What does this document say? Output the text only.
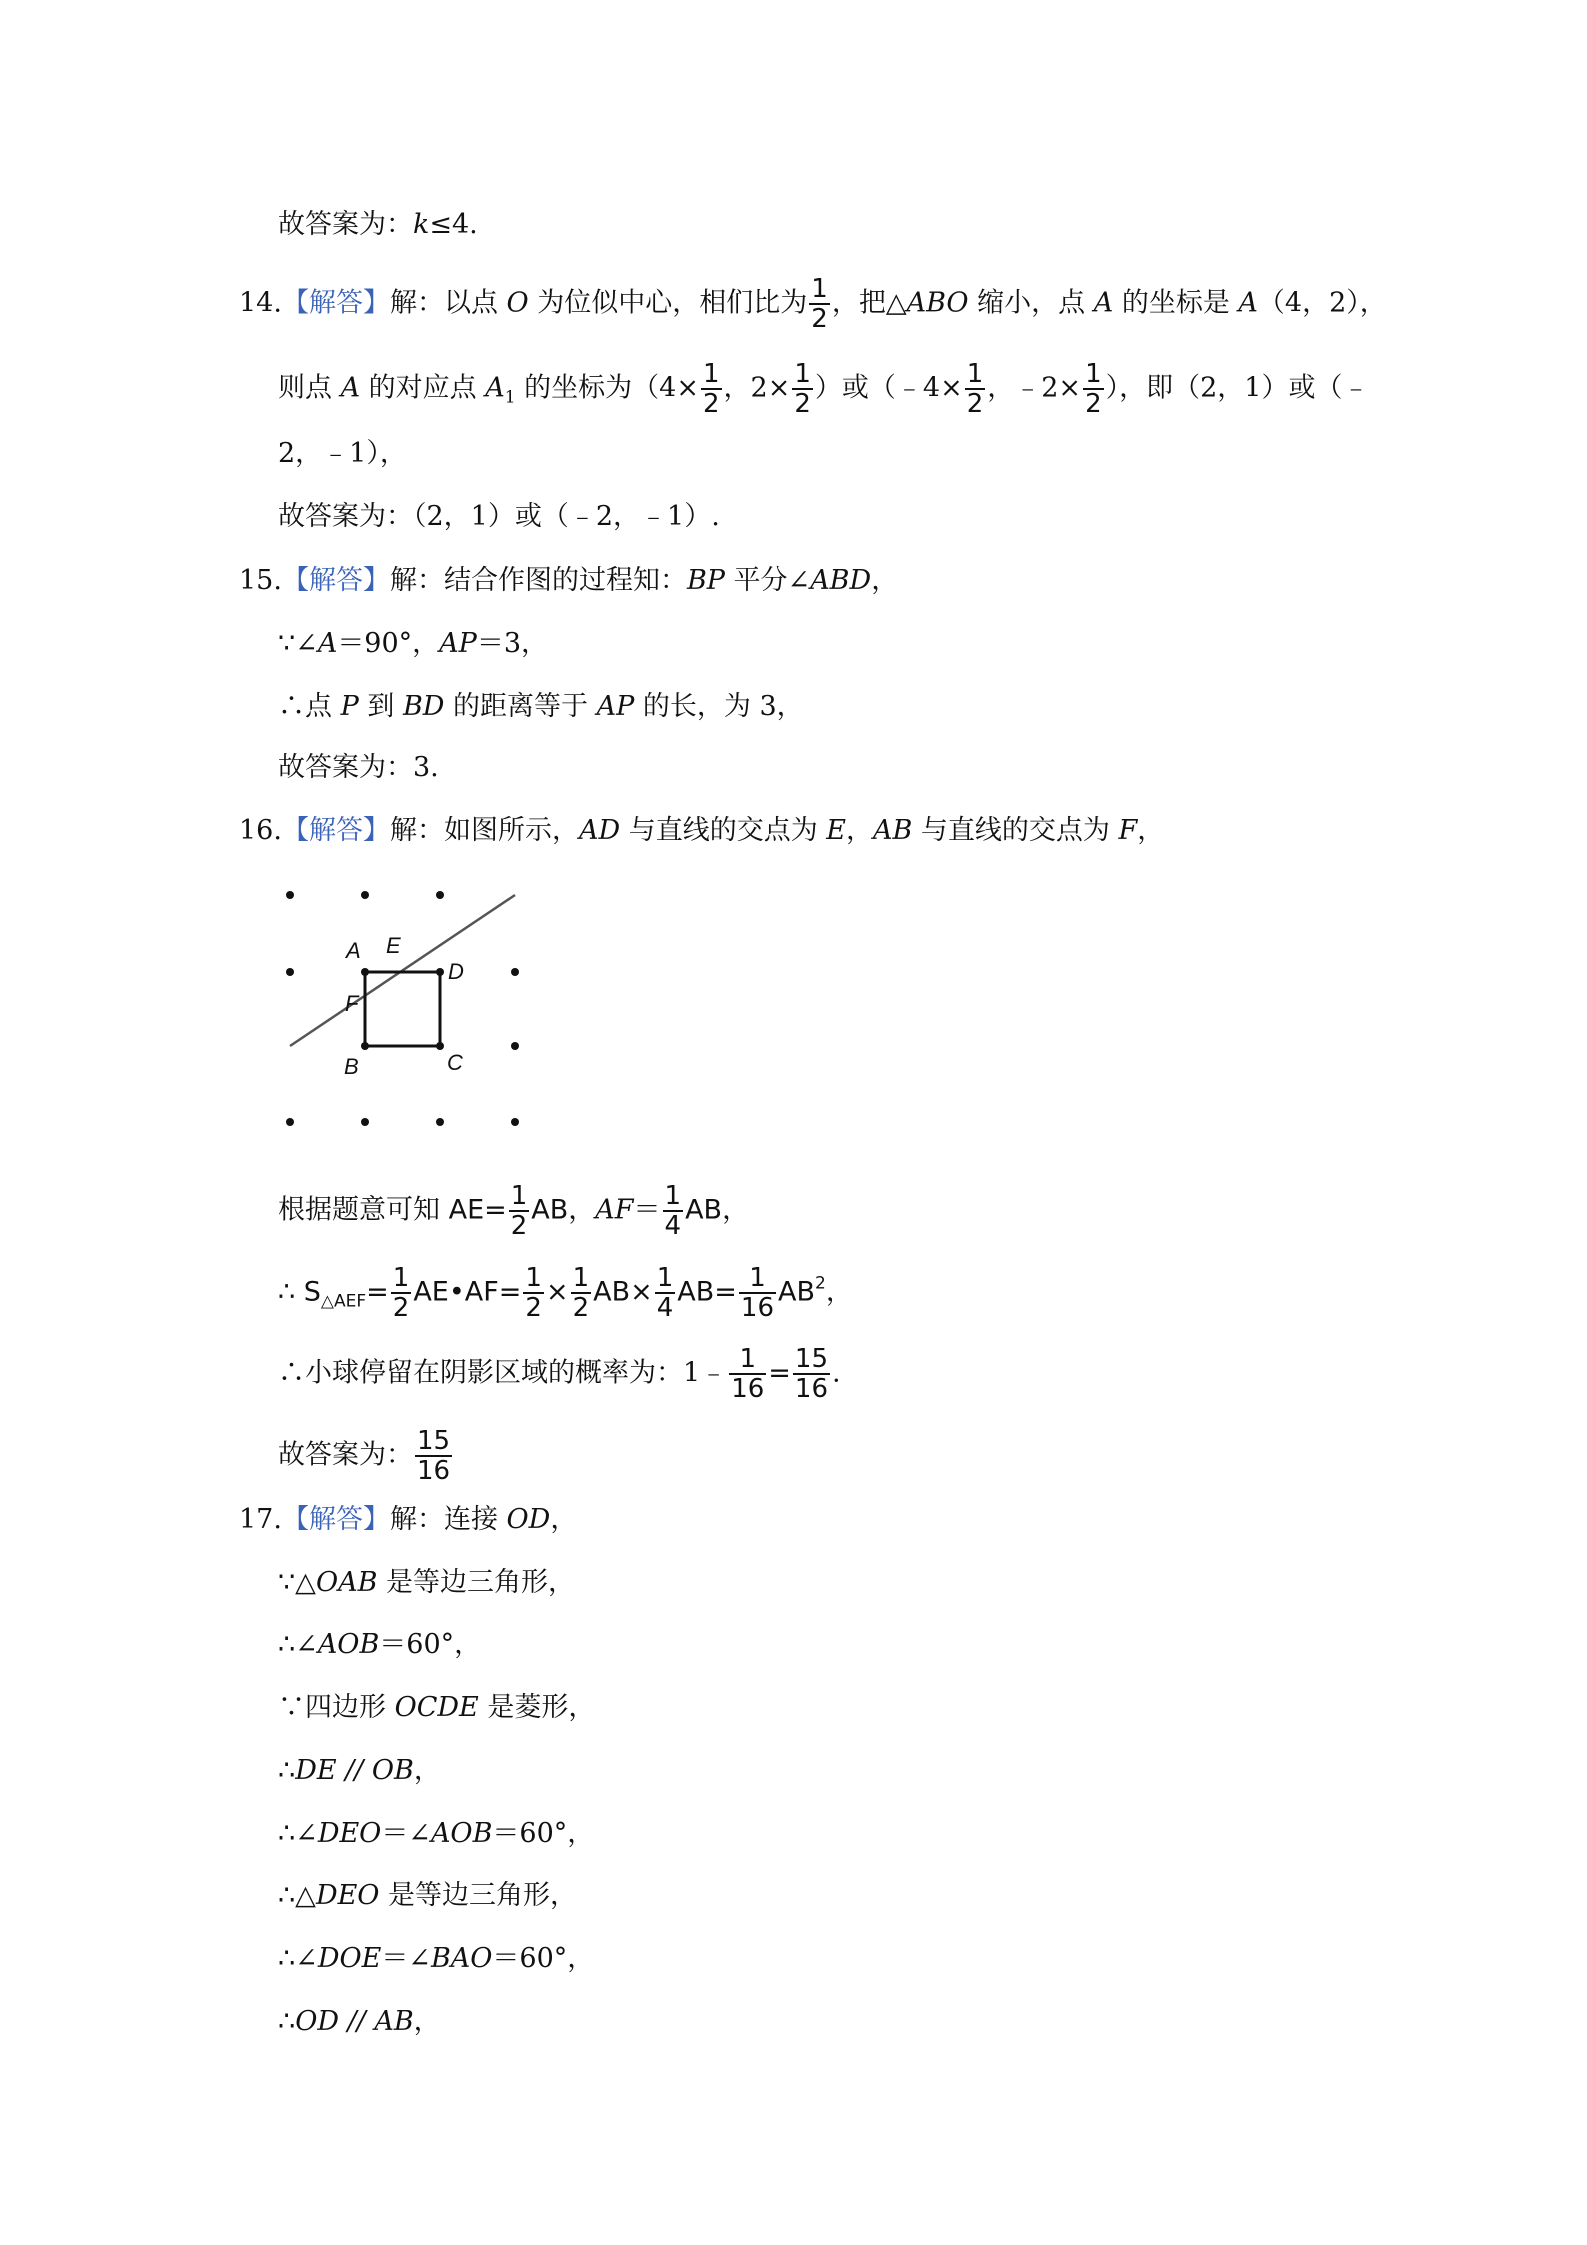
故答案为：k≤4.
14.【解答】解：以点 O 为位似中心，相们比为 $\frac{1}{2}$ ，把△ABO 缩小，点 A 的坐标是 A（4，2），
则点 A 的对应点 $A_1$ 的坐标为（$4\times \frac{1}{2}$ ，$2\times \frac{1}{2}$ ）或（﹣4× $\frac{1}{2}$ ，﹣2× $\frac{1}{2}$ ），即（2，1）或（﹣
2，﹣1），
故答案为：（2，1）或（﹣2，﹣1）.
15.【解答】解：结合作图的过程知：BP 平分∠ABD，
∵∠A＝90°，AP＝3，
∴点 P 到 BD 的距离等于 AP 的长，为 3，
故答案为：3.
16.【解答】解：如图所示，AD 与直线的交点为 E，AB 与直线的交点为 F，
A E
D
F
B	C
根据题意可知 $AE= \frac{1}{2}$ AB，$AF= \frac{1}{4}$ AB，
∴ $S_{\triangle AEF}= \frac{1}{2}$ AE•AF= $\frac{1}{2} \times \frac{1}{2} AB\times \frac{1}{4} AB= \frac{1}{16} AB^2$，
∴小球停留在阴影区域的概率为：1﹣ $\frac{1}{16} = \frac{15}{16}$ .
故答案为： $\frac{15}{16}$
17.【解答】解：连接 OD，
∵△OAB 是等边三角形，
∴∠AOB＝60°，
∵四边形 OCDE 是菱形，
∴DE // OB，
∴∠DEO＝∠AOB＝60°，
∴△DEO 是等边三角形，
∴∠DOE＝∠BAO＝60°，
∴OD // AB，
